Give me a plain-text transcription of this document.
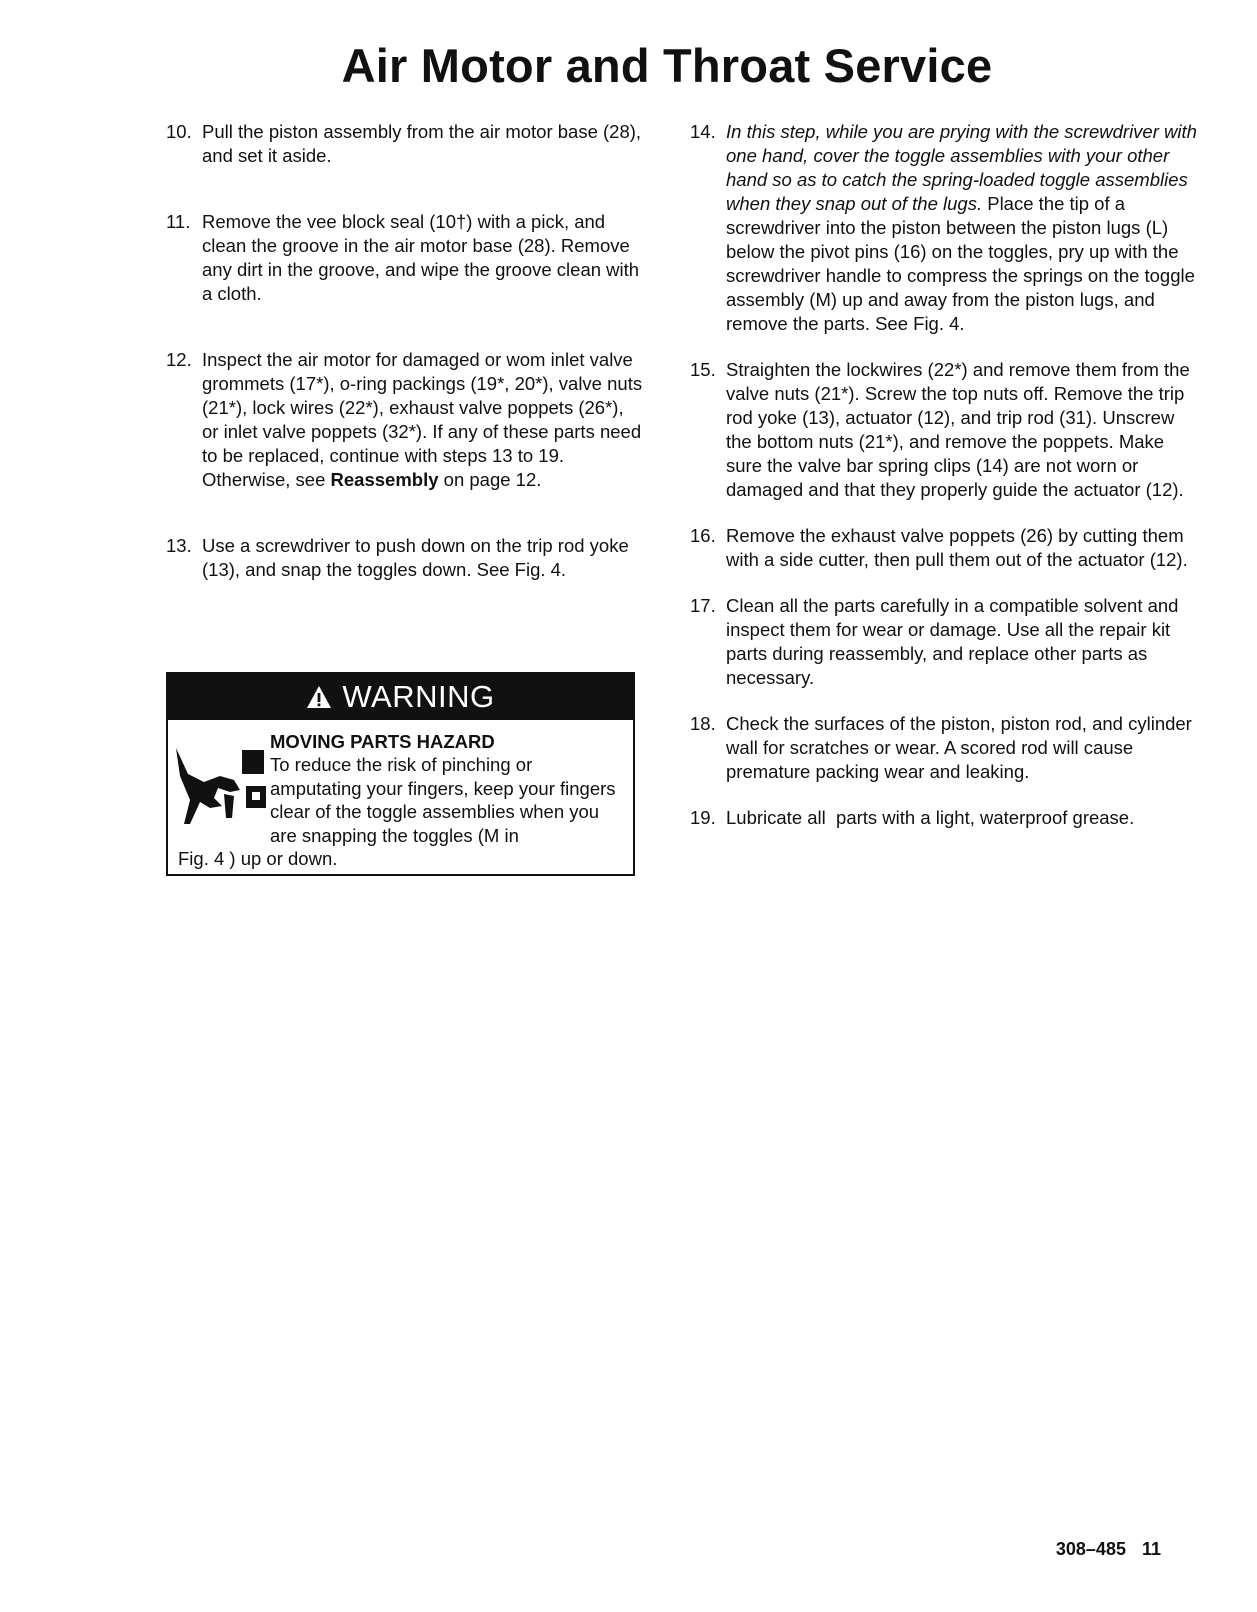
Air Motor and Throat Service
10. Pull the piston assembly from the air motor base (28), and set it aside.
11. Remove the vee block seal (10†) with a pick, and clean the groove in the air motor base (28). Remove any dirt in the groove, and wipe the groove clean with a cloth.
12. Inspect the air motor for damaged or wom inlet valve grommets (17*), o-ring packings (19*, 20*), valve nuts (21*), lock wires (22*), exhaust valve poppets (26*), or inlet valve poppets (32*). If any of these parts need to be replaced, continue with steps 13 to 19. Otherwise, see Reassembly on page 12.
13. Use a screwdriver to push down on the trip rod yoke (13), and snap the toggles down. See Fig. 4.
WARNING
MOVING PARTS HAZARD
To reduce the risk of pinching or amputating your fingers, keep your fingers clear of the toggle assemblies when you are snapping the toggles (M in
Fig. 4 ) up or down.
14. In this step, while you are prying with the screwdriver with one hand, cover the toggle assemblies with your other hand so as to catch the spring-loaded toggle assemblies when they snap out of the lugs. Place the tip of a screwdriver into the piston between the piston lugs (L) below the pivot pins (16) on the toggles, pry up with the screwdriver handle to compress the springs on the toggle assembly (M) up and away from the piston lugs, and remove the parts. See Fig. 4.
15. Straighten the lockwires (22*) and remove them from the valve nuts (21*). Screw the top nuts off. Remove the trip rod yoke (13), actuator (12), and trip rod (31). Unscrew the bottom nuts (21*), and remove the poppets. Make sure the valve bar spring clips (14) are not worn or damaged and that they properly guide the actuator (12).
16. Remove the exhaust valve poppets (26) by cutting them with a side cutter, then pull them out of the actuator (12).
17. Clean all the parts carefully in a compatible solvent and inspect them for wear or damage. Use all the repair kit parts during reassembly, and replace other parts as necessary.
18. Check the surfaces of the piston, piston rod, and cylinder wall for scratches or wear. A scored rod will cause premature packing wear and leaking.
19. Lubricate all  parts with a light, waterproof grease.
308–485 11
